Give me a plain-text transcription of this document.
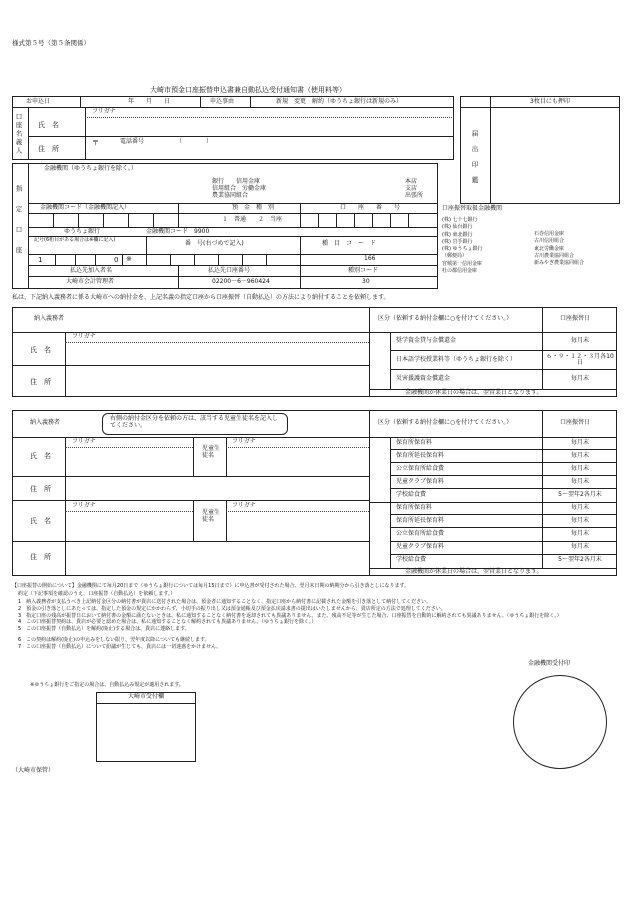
様式第５号（第５条関係）
大崎市預金口座振替申込書兼自動払込受付通知書（使用料等）
お申込日	年　　月　　日	申込事由	新規　変更　解約（ゆうちょ銀行は新規のみ）
口座名義人 氏　名
フリガナ
住　所
〒	電話番号	（　　　　）
3枚目にも押印
届出印鑑
指定口座
金融機関（ゆうちょ銀行を除く。）
銀行　　信用金庫
信用組合　労働金庫
農業協同組合
本店
支店
出張所
金融機関コード（金融機関記入）	預　金　種　別
１　普通　　２　当座
口　　座　　番　　号
ゆうちょ銀行	金融機関コード　9900
記号(6桁目がある場合は※欄に記入)	番　号(右づめで記入)	種　目　コ　ー　ド
1	0 ※	166
払込先加入者名	払込先口座番号	種別コード
大崎市会計管理者	02200－6－960424	30
口座振替取扱金融機関
(株) 七十七銀行
(株) 仙台銀行
(株) 東北銀行
(株) 岩手銀行
(株) ゆうちょ銀行
（郵便局）
宮城第一信用金庫
杜の都信用金庫
石巻信用金庫
古川信用組合
東北労働金庫
古川農業協同組合
新みやぎ農業協同組合
私は、下記納入義務者に係る大崎市への納付金を、上記名義の指定口座から口座振替（自動払込）の方法により納付することを依頼します。
納入義務者
氏　名
フリガナ
住　所
区分（依頼する納付金欄に○を付けてください。）	口座振替日
奨学資金貸与金償還金	毎月末
日本語学校授業料等（ゆうちょ銀行を除く）	６・９・１２・３月各10日
災害援護資金償還金	毎月末
金融機関が休業日の場合は、翌営業日となります。
納入義務者
右側の納付金区分を依頼の方は、該当する児童生徒名を記入してください。	区分（依頼する納付金欄に○を付けてください。）	口座振替日
氏　名
フリガナ
児童生徒名
フリガナ
住　所
保育所保育料	毎月末
保育所延長保育料	毎月末
公立保育所給食費	毎月末
児童クラブ保育料	毎月末
学校給食費	5～翌年2各月末
氏　名
フリガナ
児童生徒名
フリガナ
住　所
保育所保育料	毎月末
保育所延長保育料	毎月末
公立保育所給食費	毎月末
児童クラブ保育料	毎月末
学校給食費	5～翌年2各月末
金融機関が休業日の場合は、翌営業日となります。
【口座振替の開始について】金融機関にて毎月20日まで（ゆうちょ銀行については毎月15日まで）に申込書が受付された場合、翌月末日期の納期分から引き落としになります。
約定（下記事項を確認のうえ、口座振替（自動払込）を依頼します。）
1　納入義務者が支払うべき上記納付金区分の納付書が貴店に送付された場合は、預金者に通知することなく、指定口座から納付書に記載された金額を引き落として納付してください。
2　預金の引き落としにあたっては、指定した預金の規定にかかわらず、小切手の振り出し又は預金通帳及び預金払戻請求書の提出はいたしませんから、貴店所定の方法で処理してください。
3　指定口座の残高が振替日において納付書の金額に満たないときは、私に通知することなく納付書を返却されても異議ありません。また、残高不足等が生じた場合、口座振替を自動的に解約されても異議ありません。（ゆうちょ銀行を除く。）
4　この口座振替契約は、貴店が必要と認めた場合は、私に通知することなく解約されても異議ありません。（ゆうちょ銀行を除く。）
5　この口座振替（自動払込）を解約(廃止)する場合は、貴店に連絡します。
6　この契約は解約(廃止)の申込みをしない限り、翌年度以降についても継続します。
7　この口座振替（自動払込）について紛議が生じても、貴店には一切迷惑をかけません。
※ゆうちょ銀行をご指定の場合は、自動払込み規定が適用されます。
大崎市受付欄
金融機関受付印
（大崎市保管）
